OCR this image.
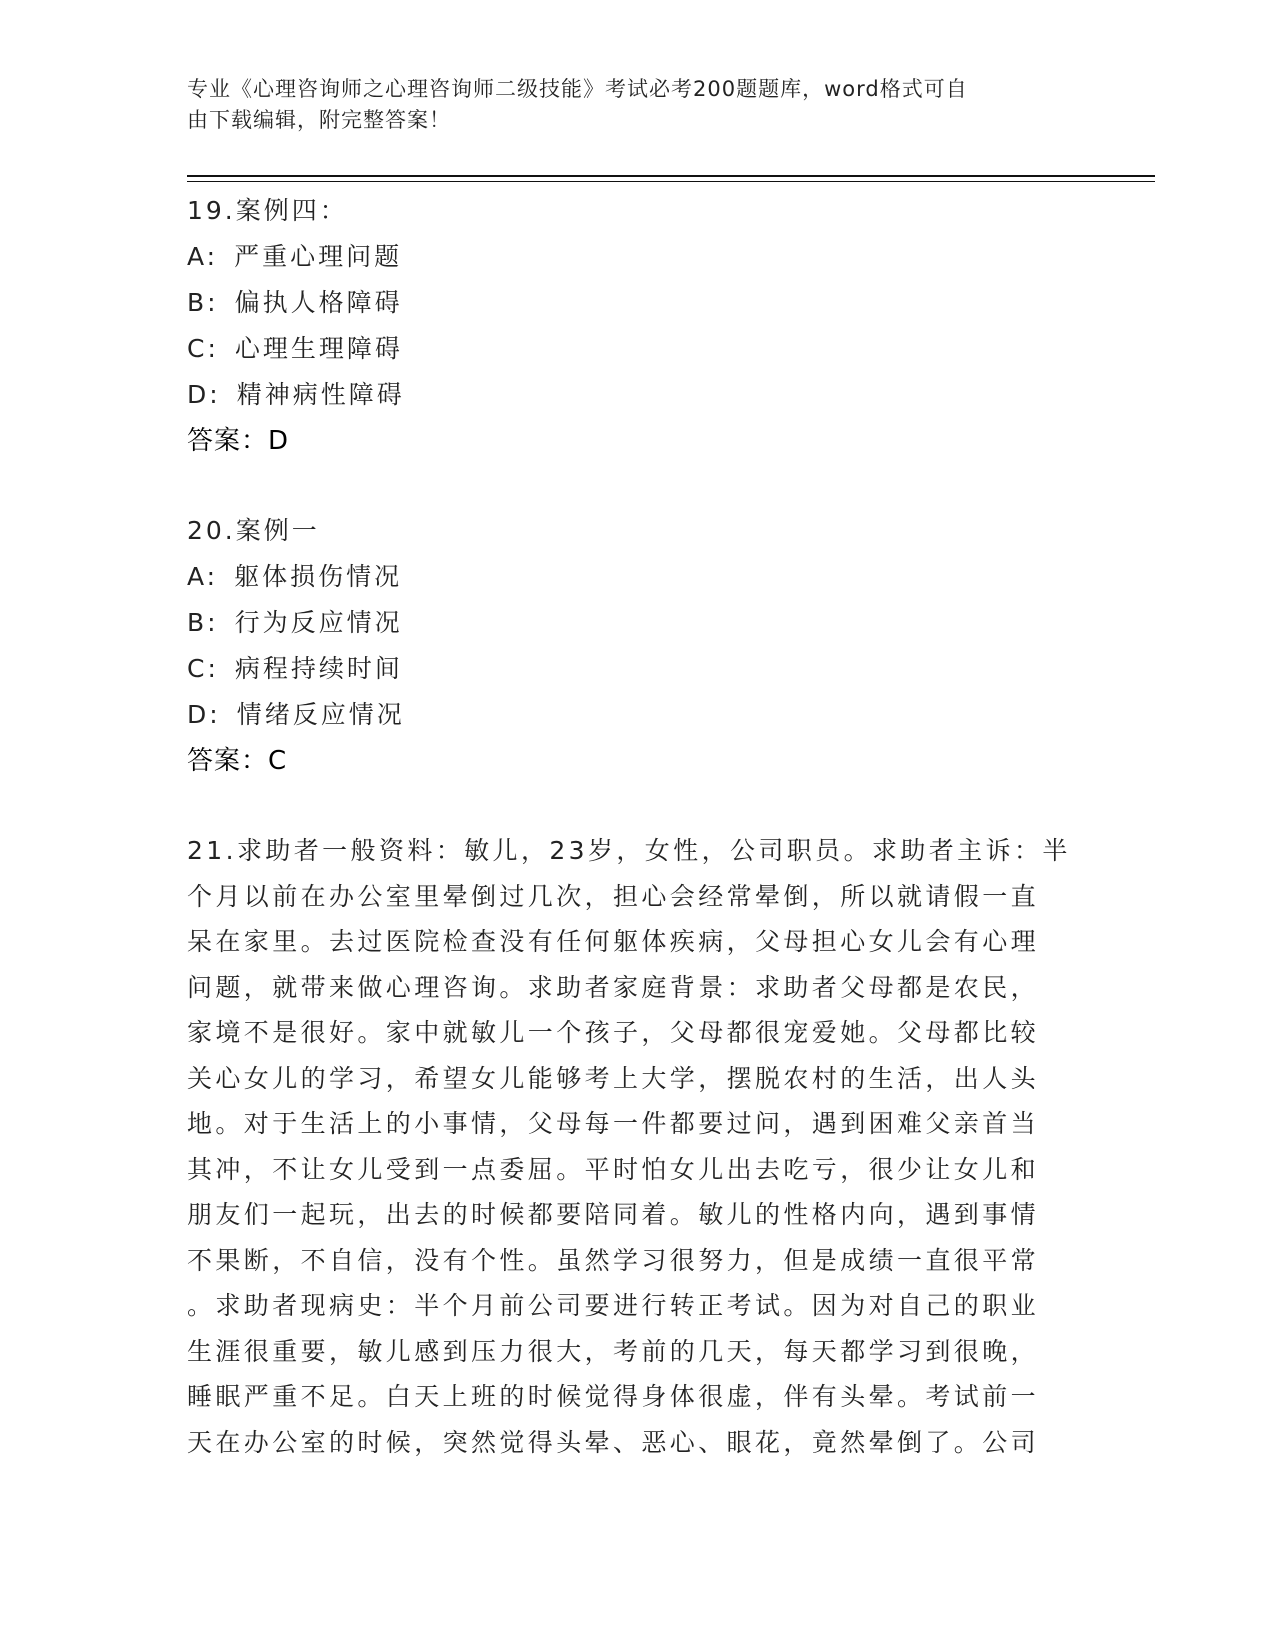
专业《心理咨询师之心理咨询师二级技能》考试必考200题题库，word格式可自
由下载编辑，附完整答案！
19.案例四：
A: 严重心理问题
B: 偏执人格障碍
C: 心理生理障碍
D: 精神病性障碍
答案：D
20.案例一
A: 躯体损伤情况
B: 行为反应情况
C: 病程持续时间
D: 情绪反应情况
答案：C
21.求助者一般资料：敏儿，23岁，女性，公司职员。求助者主诉：半
个月以前在办公室里晕倒过几次，担心会经常晕倒，所以就请假一直
呆在家里。去过医院检查没有任何躯体疾病，父母担心女儿会有心理
问题，就带来做心理咨询。求助者家庭背景：求助者父母都是农民，
家境不是很好。家中就敏儿一个孩子，父母都很宠爱她。父母都比较
关心女儿的学习，希望女儿能够考上大学，摆脱农村的生活，出人头
地。对于生活上的小事情，父母每一件都要过问，遇到困难父亲首当
其冲，不让女儿受到一点委屈。平时怕女儿出去吃亏，很少让女儿和
朋友们一起玩，出去的时候都要陪同着。敏儿的性格内向，遇到事情
不果断，不自信，没有个性。虽然学习很努力，但是成绩一直很平常
。求助者现病史：半个月前公司要进行转正考试。因为对自己的职业
生涯很重要，敏儿感到压力很大，考前的几天，每天都学习到很晚，
睡眠严重不足。白天上班的时候觉得身体很虚，伴有头晕。考试前一
天在办公室的时候，突然觉得头晕、恶心、眼花，竟然晕倒了。公司
